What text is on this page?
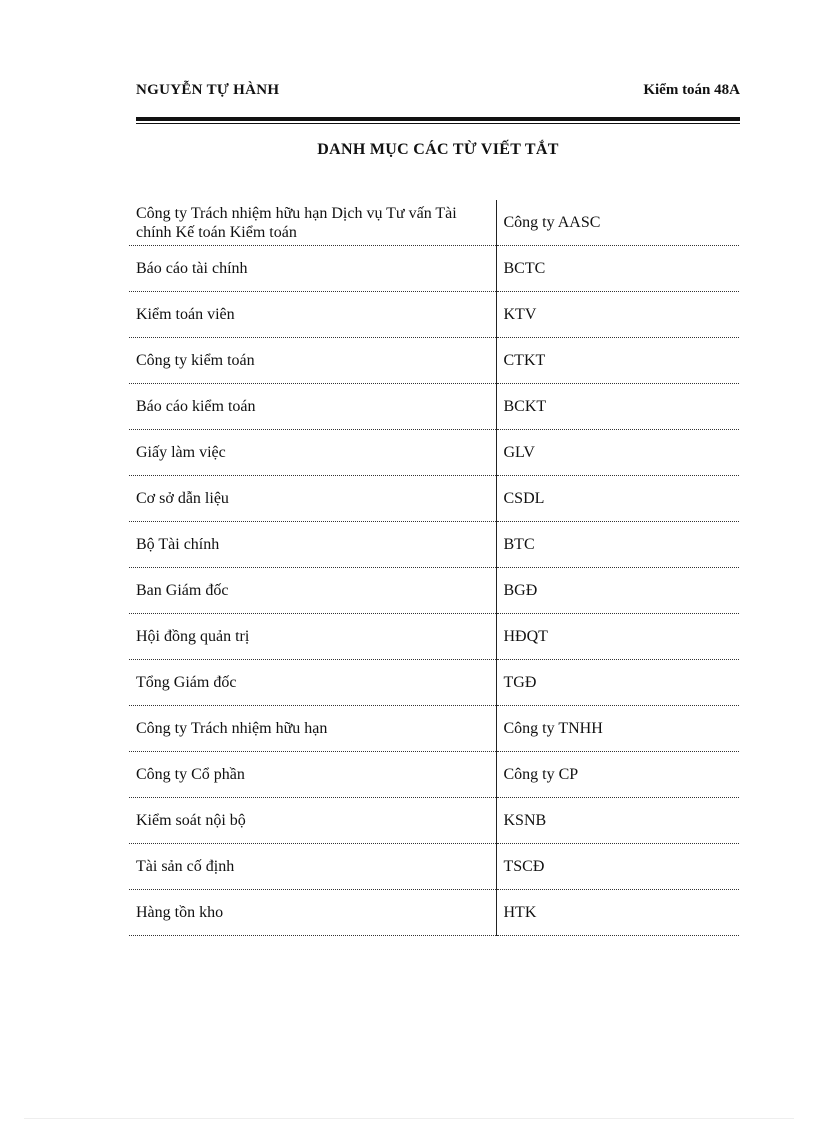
NGUYỄN TỰ HÀNH	Kiểm toán 48A
DANH MỤC CÁC TỪ VIẾT TẮT
Công ty Trách nhiệm hữu hạn Dịch vụ Tư vấn Tài chính Kế toán Kiểm toán	Công ty AASC
Báo cáo tài chính	BCTC
Kiểm toán viên	KTV
Công ty kiểm toán	CTKT
Báo cáo kiểm toán	BCKT
Giấy làm việc	GLV
Cơ sở dẫn liệu	CSDL
Bộ Tài chính	BTC
Ban Giám đốc	BGĐ
Hội đồng quản trị	HĐQT
Tổng Giám đốc	TGĐ
Công ty Trách nhiệm hữu hạn	Công ty TNHH
Công ty Cổ phần	Công ty CP
Kiểm soát nội bộ	KSNB
Tài sản cố định	TSCĐ
Hàng tồn kho	HTK
